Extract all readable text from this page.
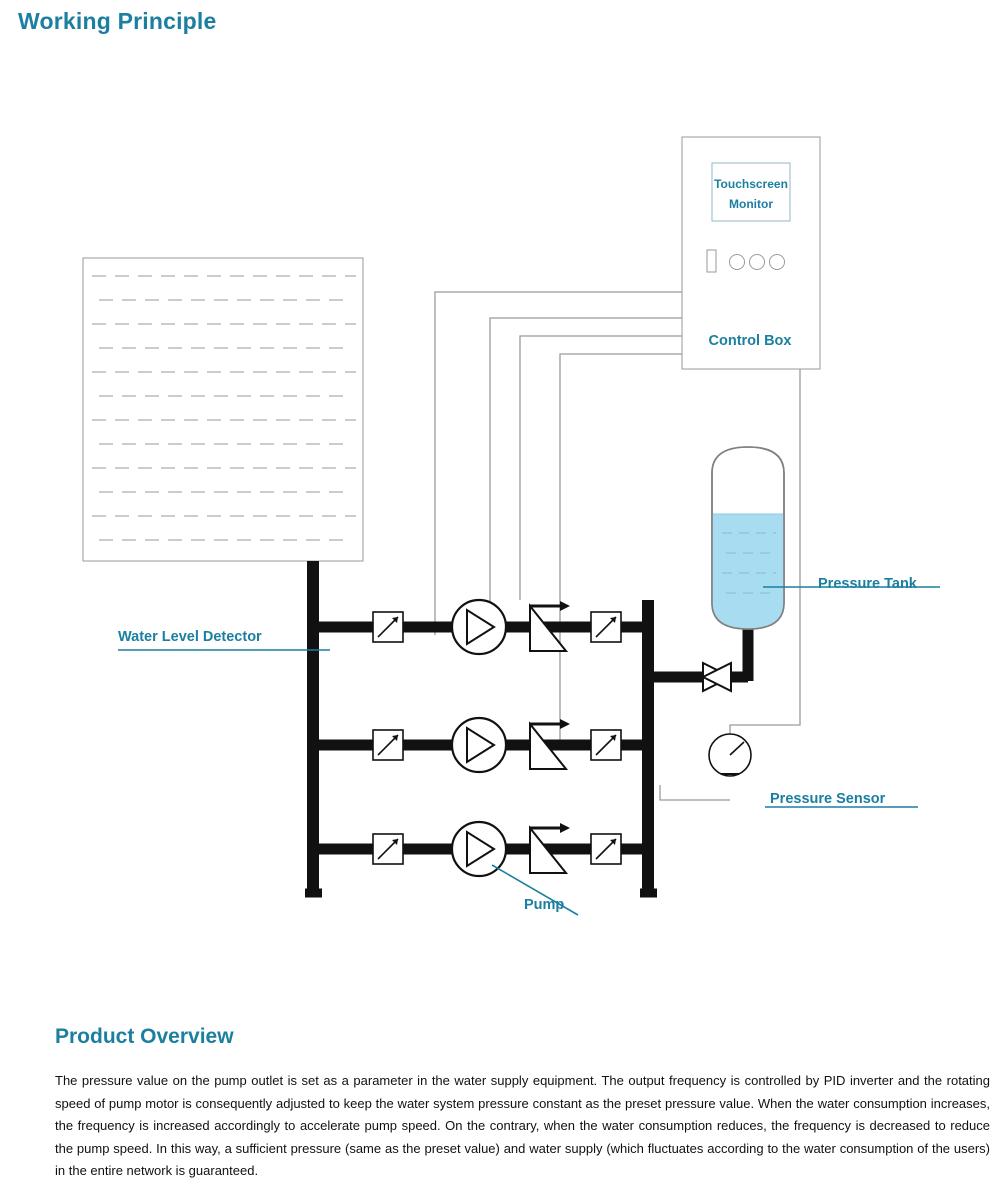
Working Principle
Touchscreen
Monitor
Control Box
Water Level Detector
Pressure Tank
Pressure Sensor
Pump
Product Overview
The pressure value on the pump outlet is set as a parameter in the water supply equipment. The output frequency is controlled by PID inverter and the rotating speed of pump motor is consequently adjusted to keep the water system pressure constant as the preset pressure value. When the water consumption increases, the frequency is increased accordingly to accelerate pump speed. On the contrary, when the water consumption reduces, the frequency is decreased to reduce the pump speed. In this way, a sufficient pressure (same as the preset value) and water supply (which fluctuates according to the water consumption of the users) in the entire network is guaranteed.
